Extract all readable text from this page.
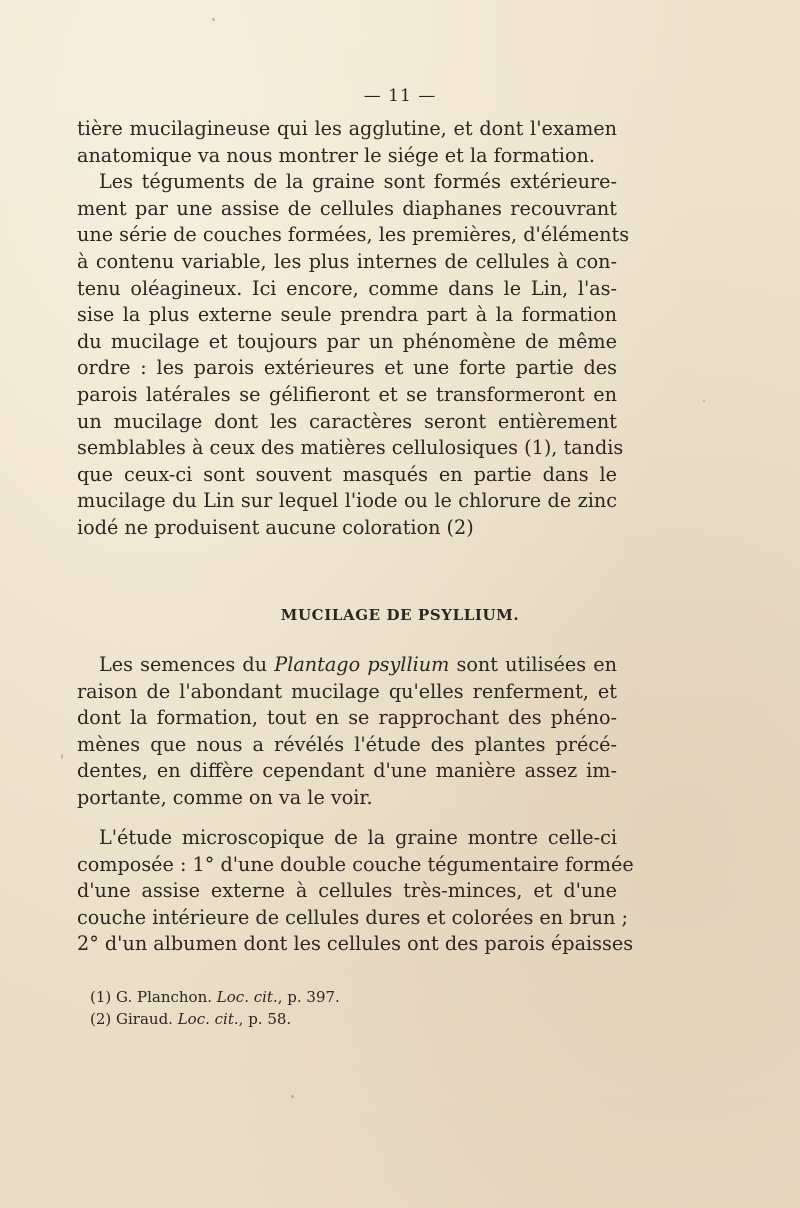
— 11 —
tière mucilagineuse qui les agglutine, et dont l'examen
anatomique va nous montrer le siége et la formation.
Les téguments de la graine sont formés extérieure-
ment par une assise de cellules diaphanes recouvrant
une série de couches formées, les premières, d'éléments
à contenu variable, les plus internes de cellules à con-
tenu oléagineux. Ici encore, comme dans le Lin, l'as-
sise la plus externe seule prendra part à la formation
du mucilage et toujours par un phénomène de même
ordre : les parois extérieures et une forte partie des
parois latérales se gélifieront et se transformeront en
un mucilage dont les caractères seront entièrement
semblables à ceux des matières cellulosiques (1), tandis
que ceux-ci sont souvent masqués en partie dans le
mucilage du Lin sur lequel l'iode ou le chlorure de zinc
iodé ne produisent aucune coloration (2)
MUCILAGE DE PSYLLIUM.
Les semences du Plantago psyllium sont utilisées en
raison de l'abondant mucilage qu'elles renferment, et
dont la formation, tout en se rapprochant des phéno-
mènes que nous a révélés l'étude des plantes précé-
dentes, en diffère cependant d'une manière assez im-
portante, comme on va le voir.
L'étude microscopique de la graine montre celle-ci
composée : 1° d'une double couche tégumentaire formée
d'une assise externe à cellules très-minces, et d'une
couche intérieure de cellules dures et colorées en brun ;
2° d'un albumen dont les cellules ont des parois épaisses
(1) G. Planchon. Loc. cit., p. 397.
(2) Giraud. Loc. cit., p. 58.
